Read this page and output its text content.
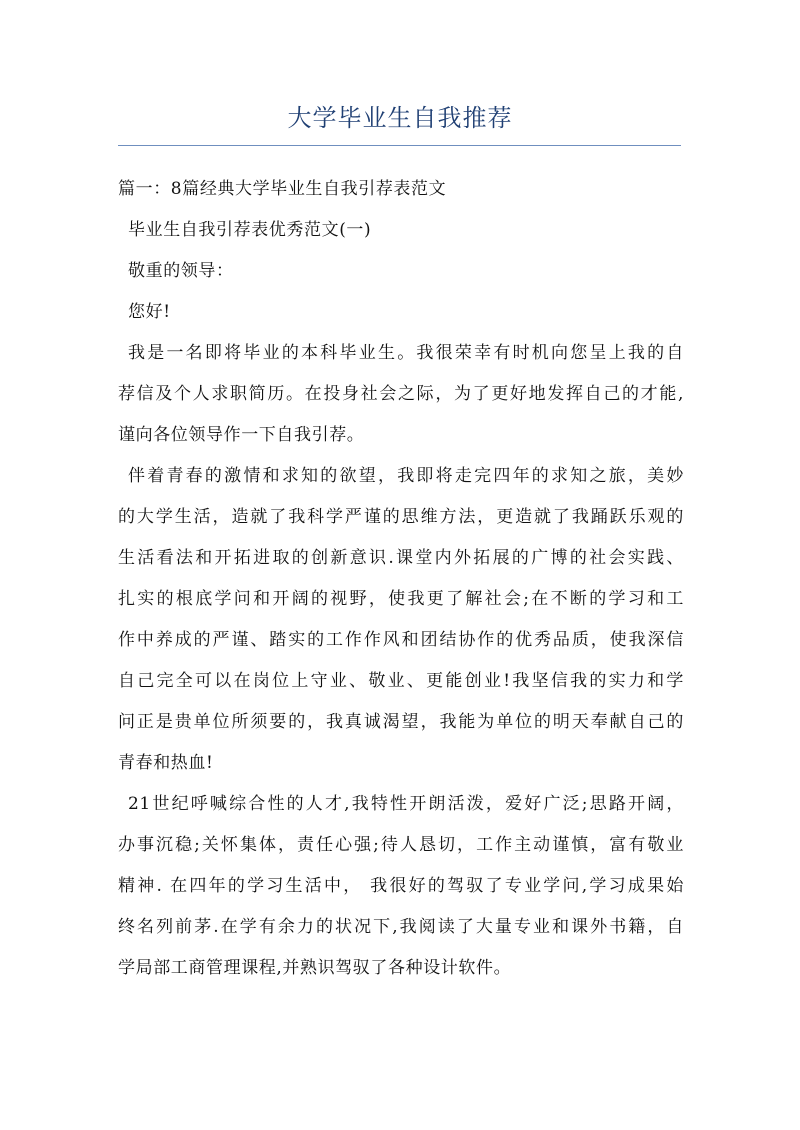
大学毕业生自我推荐
篇一：8篇经典大学毕业生自我引荐表范文
毕业生自我引荐表优秀范文(一)
敬重的领导：
您好!
我是一名即将毕业的本科毕业生。我很荣幸有时机向您呈上我的自
荐信及个人求职简历。在投身社会之际，为了更好地发挥自己的才能,
谨向各位领导作一下自我引荐。
伴着青春的激情和求知的欲望，我即将走完四年的求知之旅，美妙
的大学生活，造就了我科学严谨的思维方法，更造就了我踊跃乐观的
生活看法和开拓进取的创新意识.课堂内外拓展的广博的社会实践、
扎实的根底学问和开阔的视野，使我更了解社会;在不断的学习和工
作中养成的严谨、踏实的工作作风和团结协作的优秀品质，使我深信
自己完全可以在岗位上守业、敬业、更能创业!我坚信我的实力和学
问正是贵单位所须要的，我真诚渴望，我能为单位的明天奉献自己的
青春和热血!
21世纪呼喊综合性的人才,我特性开朗活泼，爱好广泛;思路开阔，
办事沉稳;关怀集体，责任心强;待人恳切，工作主动谨慎，富有敬业
精神. 在四年的学习生活中， 我很好的驾驭了专业学问,学习成果始
终名列前茅.在学有余力的状况下,我阅读了大量专业和课外书籍，自
学局部工商管理课程,并熟识驾驭了各种设计软件。
